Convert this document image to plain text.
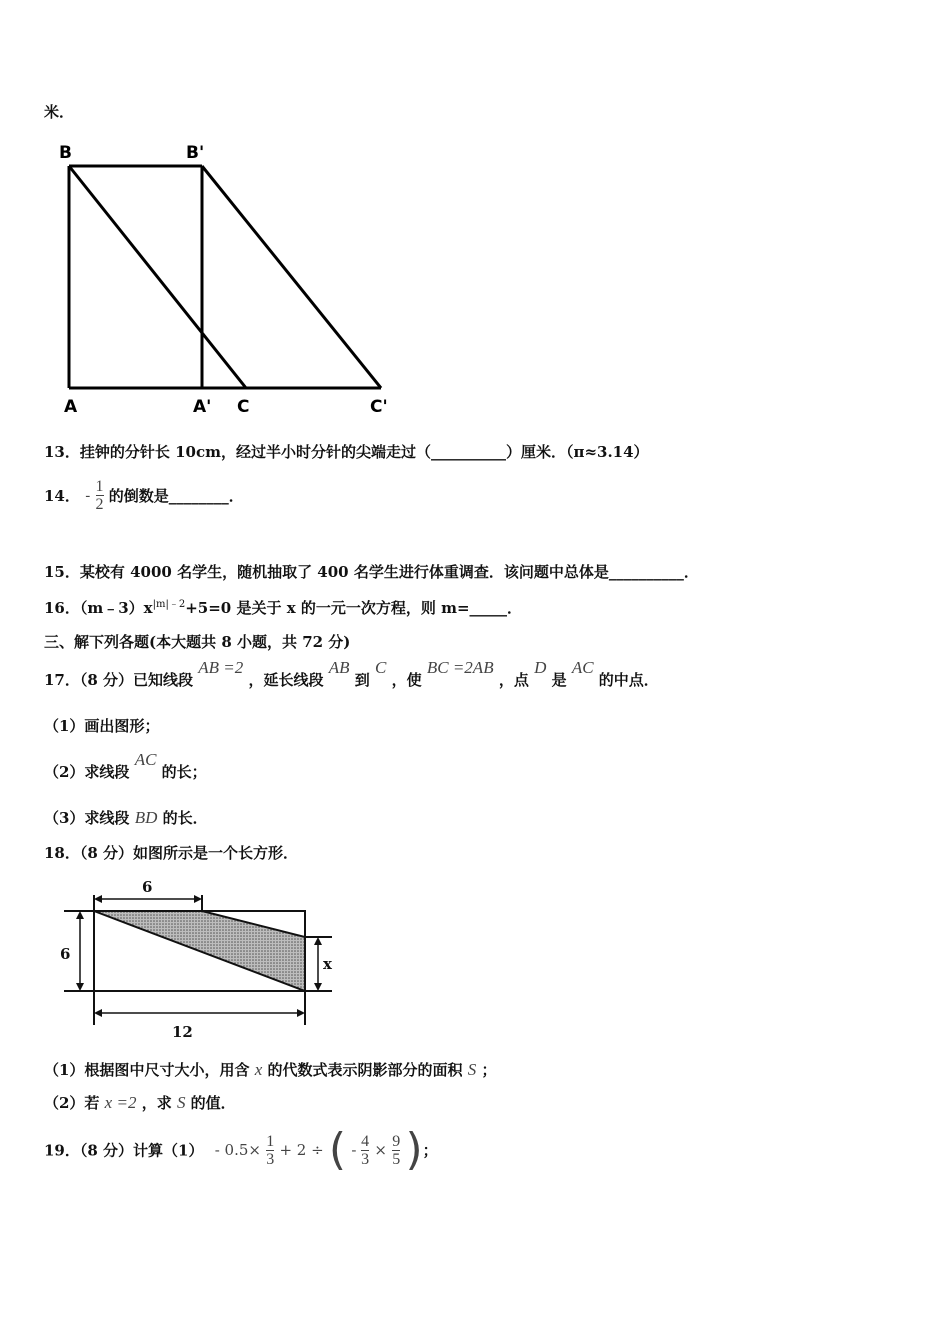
米．
B	B'
A	A' C	C'
13．挂钟的分针长 10cm，经过半小时分针的尖端走过（__________）厘米．（π≈3.14）
14． - $\frac{1}{2}$ 的倒数是________．
15．某校有 4000 名学生，随机抽取了 400 名学生进行体重调查．该问题中总体是__________．
16．$(m﹣3)x^{|m|﹣2}+5=0$ 是关于 x 的一元一次方程，则 m=_____．
三、解下列各题(本大题共 8 小题，共 72 分)
17．（8 分）已知线段 AB =2 ，延长线段 AB 到 C ，使 BC =2AB ，点 D 是 AC 的中点．
（1）画出图形；
（2）求线段 AC 的长；
（3）求线段 BD 的长．
18．（8 分）如图所示是一个长方形．
6
6
x
12
（1）根据图中尺寸大小，用含 x 的代数式表示阴影部分的面积 S ；
（2）若 x =2 ，求 S 的值．
19．（8 分）计算$(1) - 0.5\times \frac{1}{3} + 2$ ÷ ( - $\frac{4}{3} \times \frac{9}{5}$ )；
